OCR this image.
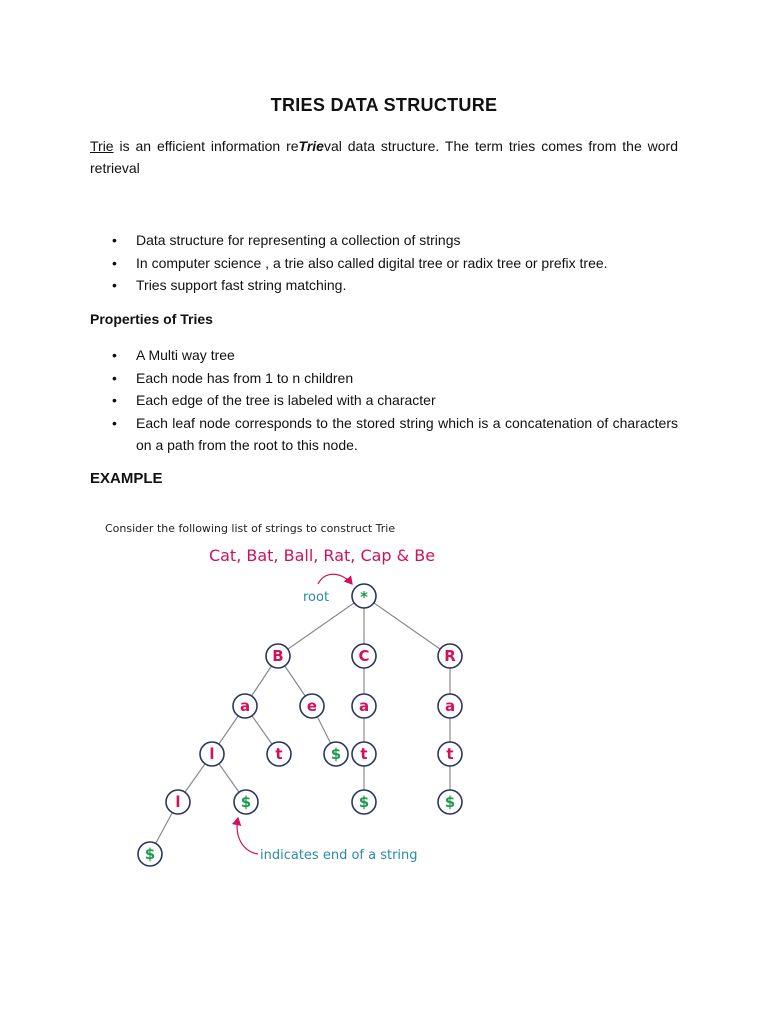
TRIES DATA STRUCTURE
Trie is an efficient information reTrieval data structure. The term tries comes from the word retrieval
• Data structure for representing a collection of strings
• In computer science , a trie also called digital tree or radix tree or prefix tree.
• Tries support fast string matching.
Properties of Tries
• A Multi way tree
• Each node has from 1 to n children
• Each edge of the tree is labeled with a character
• Each leaf node corresponds to the stored string which is a concatenation of characters on a path from the root to this node.
EXAMPLE
Consider the following list of strings to construct Trie
Cat, Bat, Ball, Rat, Cap & Be
root *
B	C	R
a	e	a	a
l	t	$ t	t
l	$	$	$
$	indicates end of a string
